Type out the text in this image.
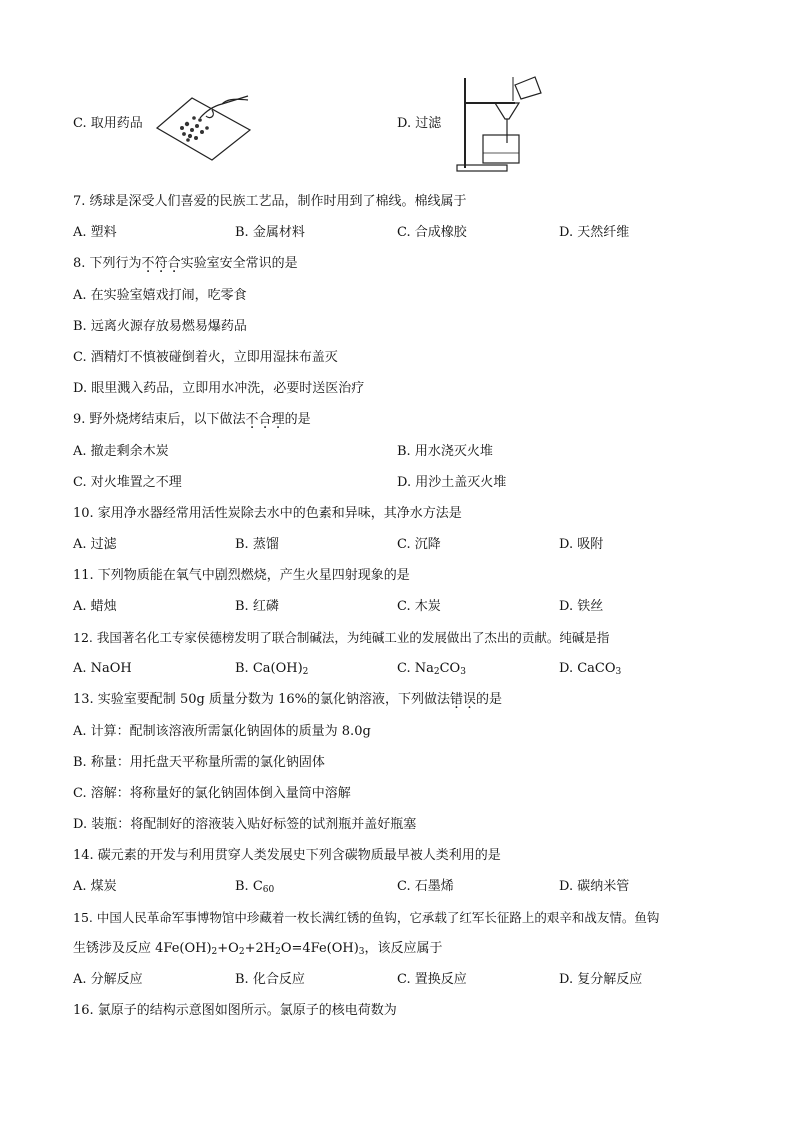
C. 取用药品	D. 过滤
7. 绣球是深受人们喜爱的民族工艺品，制作时用到了棉线。棉线属于
A. 塑料	B. 金属材料	C. 合成橡胶	D. 天然纤维
8. 下列行为不符合实验室安全常识的是
A. 在实验室嬉戏打闹，吃零食
B. 远离火源存放易燃易爆药品
C. 酒精灯不慎被碰倒着火，立即用湿抹布盖灭
D. 眼里溅入药品，立即用水冲洗，必要时送医治疗
9. 野外烧烤结束后，以下做法不合理的是
A. 撤走剩余木炭	B. 用水浇灭火堆
C. 对火堆置之不理	D. 用沙土盖灭火堆
10. 家用净水器经常用活性炭除去水中的色素和异味，其净水方法是
A. 过滤	B. 蒸馏	C. 沉降	D. 吸附
11. 下列物质能在氧气中剧烈燃烧，产生火星四射现象的是
A. 蜡烛	B. 红磷	C. 木炭	D. 铁丝
12. 我国著名化工专家侯德榜发明了联合制碱法，为纯碱工业的发展做出了杰出的贡献。纯碱是指
A. NaOH	B. $Ca(OH)_2$	C. $Na_2CO_3$	D. CaCO$_3$
13. 实验室要配制 50g 质量分数为 16%的氯化钠溶液，下列做法错误的是
A. 计算：配制该溶液所需氯化钠固体的质量为 8.0g
B. 称量：用托盘天平称量所需的氯化钠固体
C. 溶解：将称量好的氯化钠固体倒入量筒中溶解
D. 装瓶：将配制好的溶液装入贴好标签的试剂瓶并盖好瓶塞
14. 碳元素的开发与利用贯穿人类发展史下列含碳物质最早被人类利用的是
A. 煤炭	B. $C_{60}$	C. 石墨烯	D. 碳纳米管
15. 中国人民革命军事博物馆中珍藏着一枚长满红锈的鱼钩，它承载了红军长征路上的艰辛和战友情。鱼钩
生锈涉及反应 $4Fe(OH)_2+O_2+2H_2O=4Fe(OH)_3$，该反应属于
A. 分解反应	B. 化合反应	C. 置换反应	D. 复分解反应
16. 氯原子的结构示意图如图所示。氯原子的核电荷数为
